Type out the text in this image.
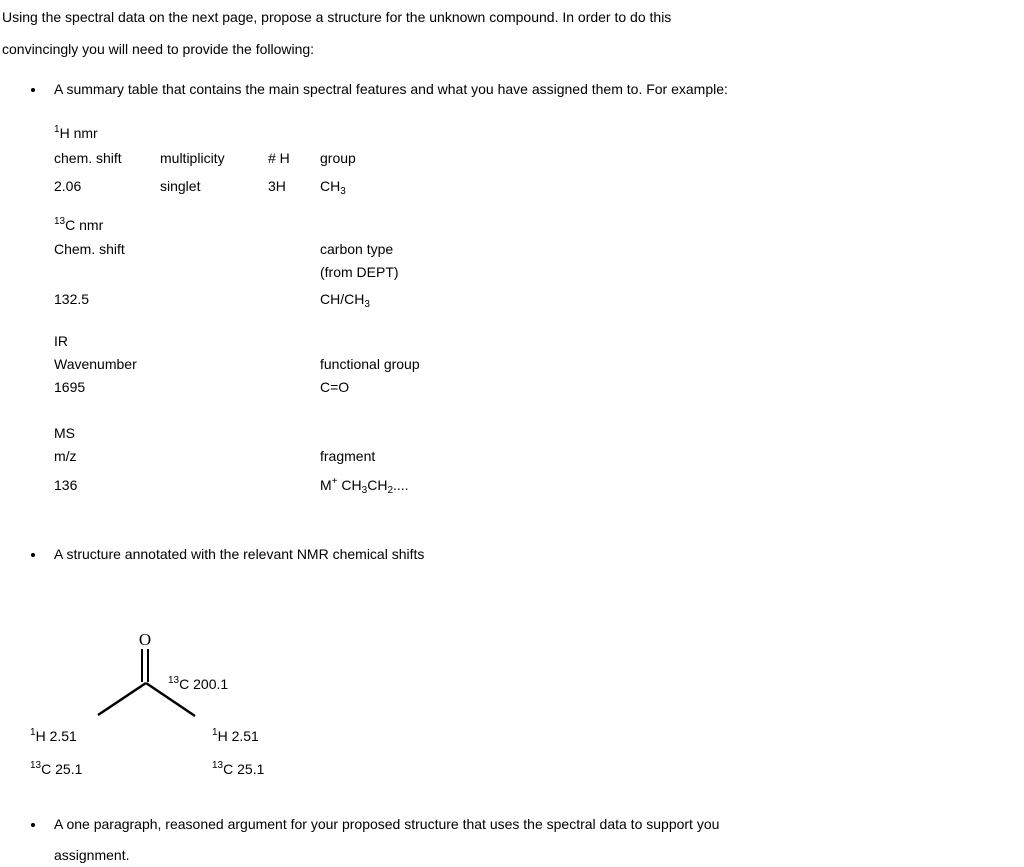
Using the spectral data on the next page, propose a structure for the unknown compound. In order to do this
convincingly you will need to provide the following:
A summary table that contains the main spectral features and what you have assigned them to. For example:
$^1$H nmr
chem. shift	multiplicity	# H group
2.06	singlet	3H $CH_3$
$^{13}$C nmr
Chem. shift	carbon type
(from DEPT)
132.5	$CH/CH_3$
IR
Wavenumber	functional group
1695	C=O
MS
m/z	fragment
136	M+ $CH_3CH_2$....
A structure annotated with the relevant NMR chemical shifts
O
$^{13}$C 200.1
$^1$H 2.51
$^{13}$C 25.1
$^1$H 2.51
$^{13}$C 25.1
A one paragraph, reasoned argument for your proposed structure that uses the spectral data to support you
assignment.
